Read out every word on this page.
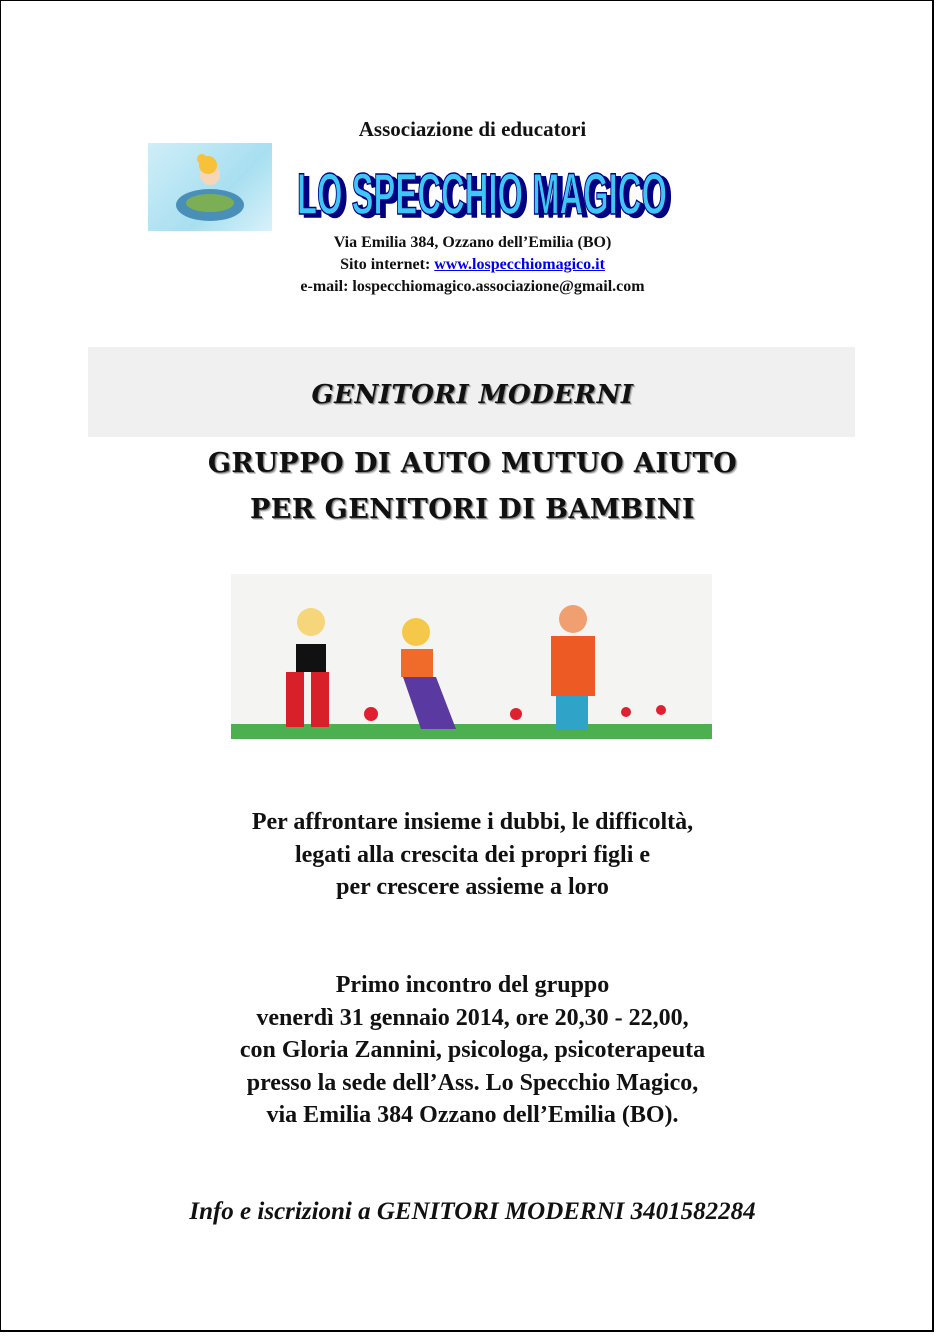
Associazione di educatori
LO SPECCHIO MAGICO
Via Emilia 384, Ozzano dell’Emilia (BO)
Sito internet: www.lospecchiomagico.it
e-mail: lospecchiomagico.associazione@gmail.com
GENITORI MODERNI
GRUPPO DI AUTO MUTUO AIUTO
PER GENITORI DI BAMBINI
Per affrontare insieme i dubbi, le difficoltà,
legati alla crescita dei propri figli e
per crescere assieme a loro
Primo incontro del gruppo
venerdì 31 gennaio 2014, ore 20,30 - 22,00,
con Gloria Zannini, psicologa, psicoterapeuta
presso la sede dell’Ass. Lo Specchio Magico,
via Emilia 384 Ozzano dell’Emilia (BO).
Info e iscrizioni a GENITORI MODERNI 3401582284
